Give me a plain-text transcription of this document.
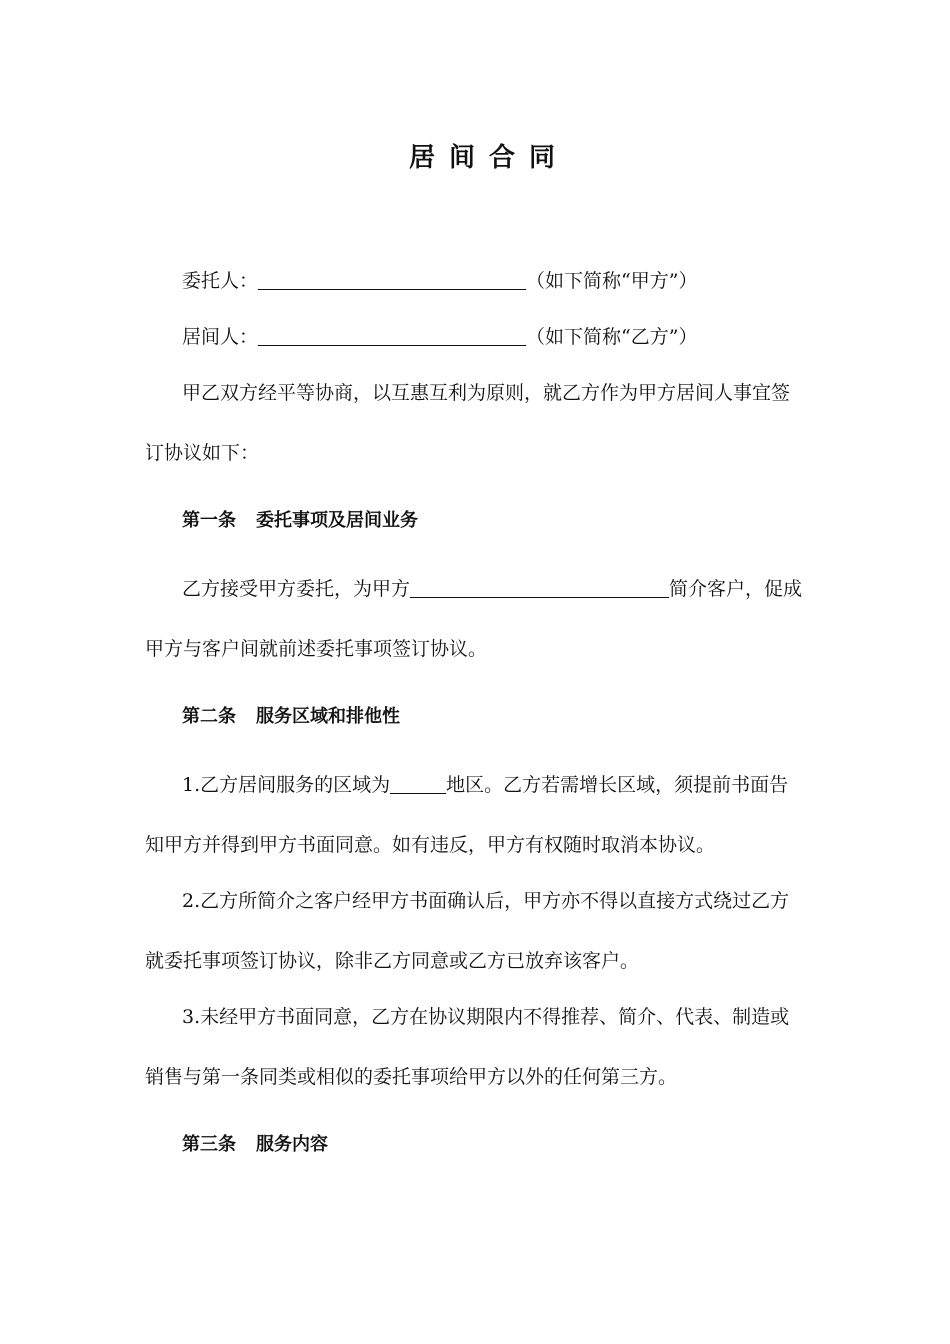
居间合同
委托人：	（如下简称“甲方”）
居间人：	（如下简称“乙方”）
甲乙双方经平等协商，以互惠互利为原则，就乙方作为甲方居间人事宜签
订协议如下：
第一条 委托事项及居间业务
乙方接受甲方委托，为甲方	简介客户，促成
甲方与客户间就前述委托事项签订协议。
第二条 服务区域和排他性
1.乙方居间服务的区域为	地区。乙方若需增长区域，须提前书面告
知甲方并得到甲方书面同意。如有违反，甲方有权随时取消本协议。
2.乙方所简介之客户经甲方书面确认后，甲方亦不得以直接方式绕过乙方
就委托事项签订协议，除非乙方同意或乙方已放弃该客户。
3.未经甲方书面同意，乙方在协议期限内不得推荐、简介、代表、制造或
销售与第一条同类或相似的委托事项给甲方以外的任何第三方。
第三条 服务内容
